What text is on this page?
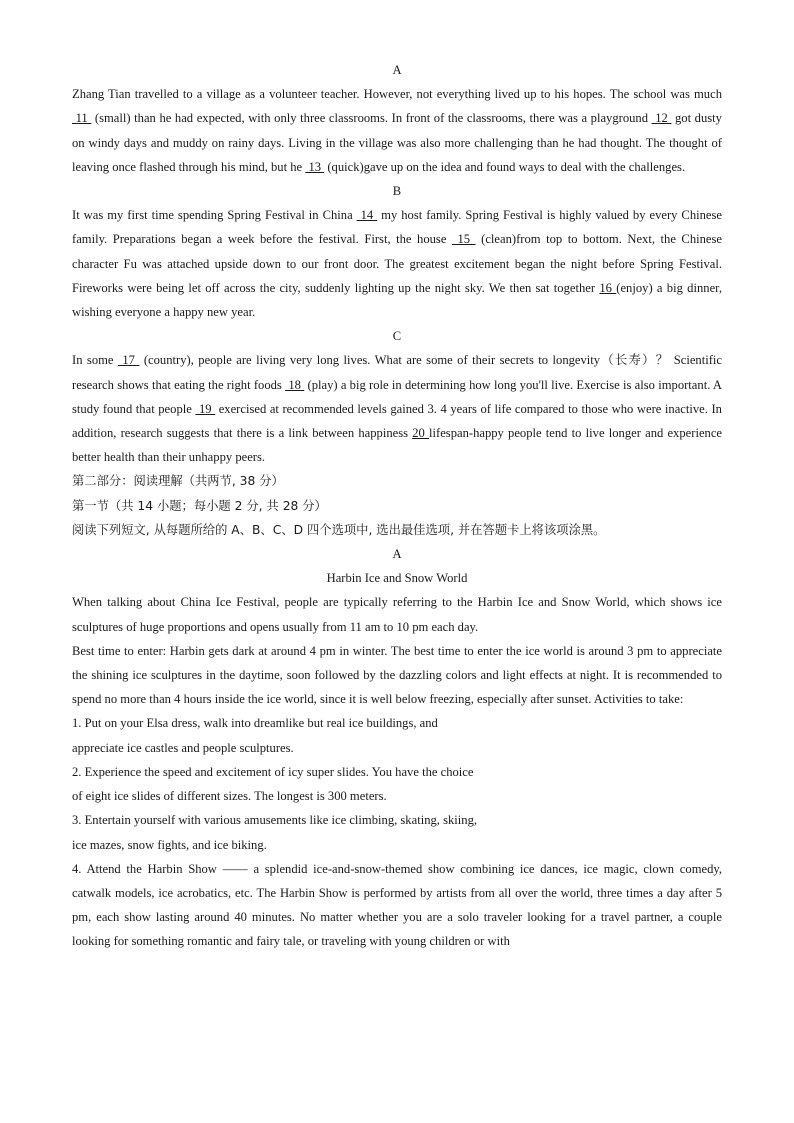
A

Zhang Tian travelled to a village as a volunteer teacher. However, not everything lived up to his hopes. The school was much  11  (small) than he had expected, with only three classrooms. In front of the classrooms, there was a playground  12  got dusty on windy days and muddy on rainy days. Living in the village was also more challenging than he had thought. The thought of leaving once flashed through his mind, but he  13  (quick)gave up on the idea and found ways to deal with the challenges.

B

It was my first time spending Spring Festival in China  14  my host family. Spring Festival is highly valued by every Chinese family. Preparations began a week before the festival. First, the house  15  (clean)from top to bottom. Next, the Chinese character Fu was attached upside down to our front door. The greatest excitement began the night before Spring Festival. Fireworks were being let off across the city, suddenly lighting up the night sky. We then sat together 16 (enjoy) a big dinner, wishing everyone a happy new year.

C

In some  17  (country), people are living very long lives. What are some of their secrets to longevity（长寿）？ Scientific research shows that eating the right foods  18  (play) a big role in determining how long you'll live. Exercise is also important. A study found that people  19  exercised at recommended levels gained 3. 4 years of life compared to those who were inactive. In addition, research suggests that there is a link between happiness 20 lifespan-happy people tend to live longer and experience better health than their unhappy peers.

第二部分：阅读理解（共两节, 38 分）

第一节（共 14 小题；每小题 2 分, 共 28 分）

阅读下列短文, 从每题所给的 A、B、C、D 四个选项中, 选出最佳选项, 并在答题卡上将该项涂黑。

A

Harbin Ice and Snow World

When talking about China Ice Festival, people are typically referring to the Harbin Ice and Snow World, which shows ice sculptures of huge proportions and opens usually from 11 am to 10 pm each day.

Best time to enter: Harbin gets dark at around 4 pm in winter. The best time to enter the ice world is around 3 pm to appreciate the shining ice sculptures in the daytime, soon followed by the dazzling colors and light effects at night. It is recommended to spend no more than 4 hours inside the ice world, since it is well below freezing, especially after sunset. Activities to take:

1. Put on your Elsa dress, walk into dreamlike but real ice buildings, and

appreciate ice castles and people sculptures.

2. Experience the speed and excitement of icy super slides. You have the choice

of eight ice slides of different sizes. The longest is 300 meters.

3. Entertain yourself with various amusements like ice climbing, skating, skiing,

ice mazes, snow fights, and ice biking.

4. Attend the Harbin Show —— a splendid ice-and-snow-themed show combining ice dances, ice magic, clown comedy, catwalk models, ice acrobatics, etc. The Harbin Show is performed by artists from all over the world, three times a day after 5 pm, each show lasting around 40 minutes. No matter whether you are a solo traveler looking for a travel partner, a couple looking for something romantic and fairy tale, or traveling with young children or with
